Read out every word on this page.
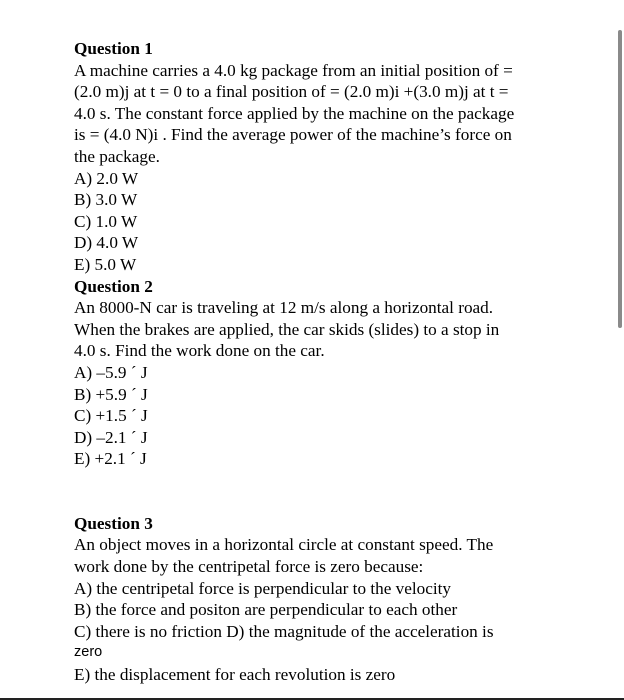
Question 1

A machine carries a 4.0 kg package from an initial position of =

(2.0 m)j at t = 0 to a final position of = (2.0 m)i +(3.0 m)j at t =

4.0 s. The constant force applied by the machine on the package

is = (4.0 N)i . Find the average power of the machine’s force on

the package.

A) 2.0 W

B) 3.0 W

C) 1.0 W

D) 4.0 W

E) 5.0 W

Question 2

An 8000-N car is traveling at 12 m/s along a horizontal road.

When the brakes are applied, the car skids (slides) to a stop in

4.0 s. Find the work done on the car.

A) –5.9 ´ J

B) +5.9 ´ J

C) +1.5 ´ J

D) –2.1 ´ J

E) +2.1 ´ J

Question 3

An object moves in a horizontal circle at constant speed. The

work done by the centripetal force is zero because:

A) the centripetal force is perpendicular to the velocity

B) the force and positon are perpendicular to each other

C) there is no friction D) the magnitude of the acceleration is

zero

E) the displacement for each revolution is zero
